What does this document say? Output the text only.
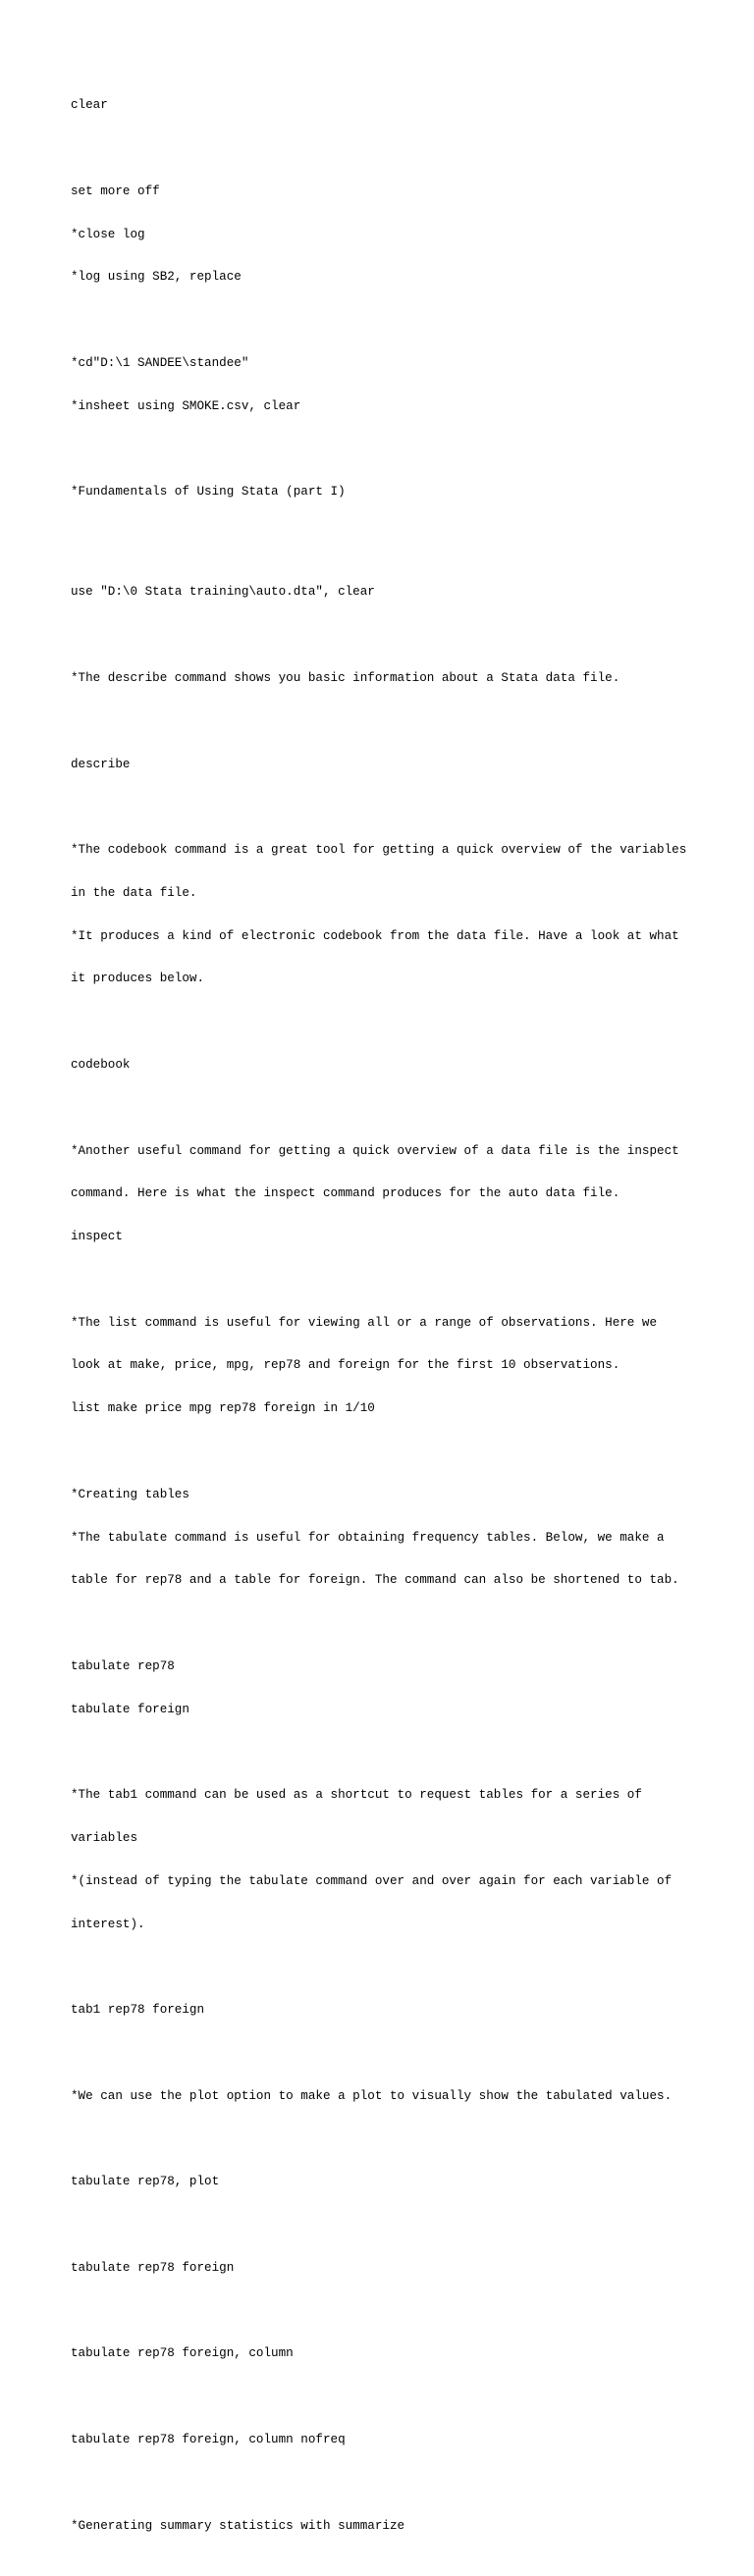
clear

set more off

*close log

*log using SB2, replace

*cd"D:\1 SANDEE\standee"

*insheet using SMOKE.csv, clear

*Fundamentals of Using Stata (part I)

use "D:\0 Stata training\auto.dta", clear

*The describe command shows you basic information about a Stata data file.

describe

*The codebook command is a great tool for getting a quick overview of the variables

in the data file.

*It produces a kind of electronic codebook from the data file. Have a look at what

it produces below.

codebook

*Another useful command for getting a quick overview of a data file is the inspect

command. Here is what the inspect command produces for the auto data file.

inspect

*The list command is useful for viewing all or a range of observations. Here we

look at make, price, mpg, rep78 and foreign for the first 10 observations.

list make price mpg rep78 foreign in 1/10

*Creating tables

*The tabulate command is useful for obtaining frequency tables. Below, we make a

table for rep78 and a table for foreign. The command can also be shortened to tab.

tabulate rep78

tabulate foreign

*The tab1 command can be used as a shortcut to request tables for a series of

variables

*(instead of typing the tabulate command over and over again for each variable of

interest).

tab1 rep78 foreign

*We can use the plot option to make a plot to visually show the tabulated values.

tabulate rep78, plot

tabulate rep78 foreign

tabulate rep78 foreign, column

tabulate rep78 foreign, column nofreq

*Generating summary statistics with summarize
